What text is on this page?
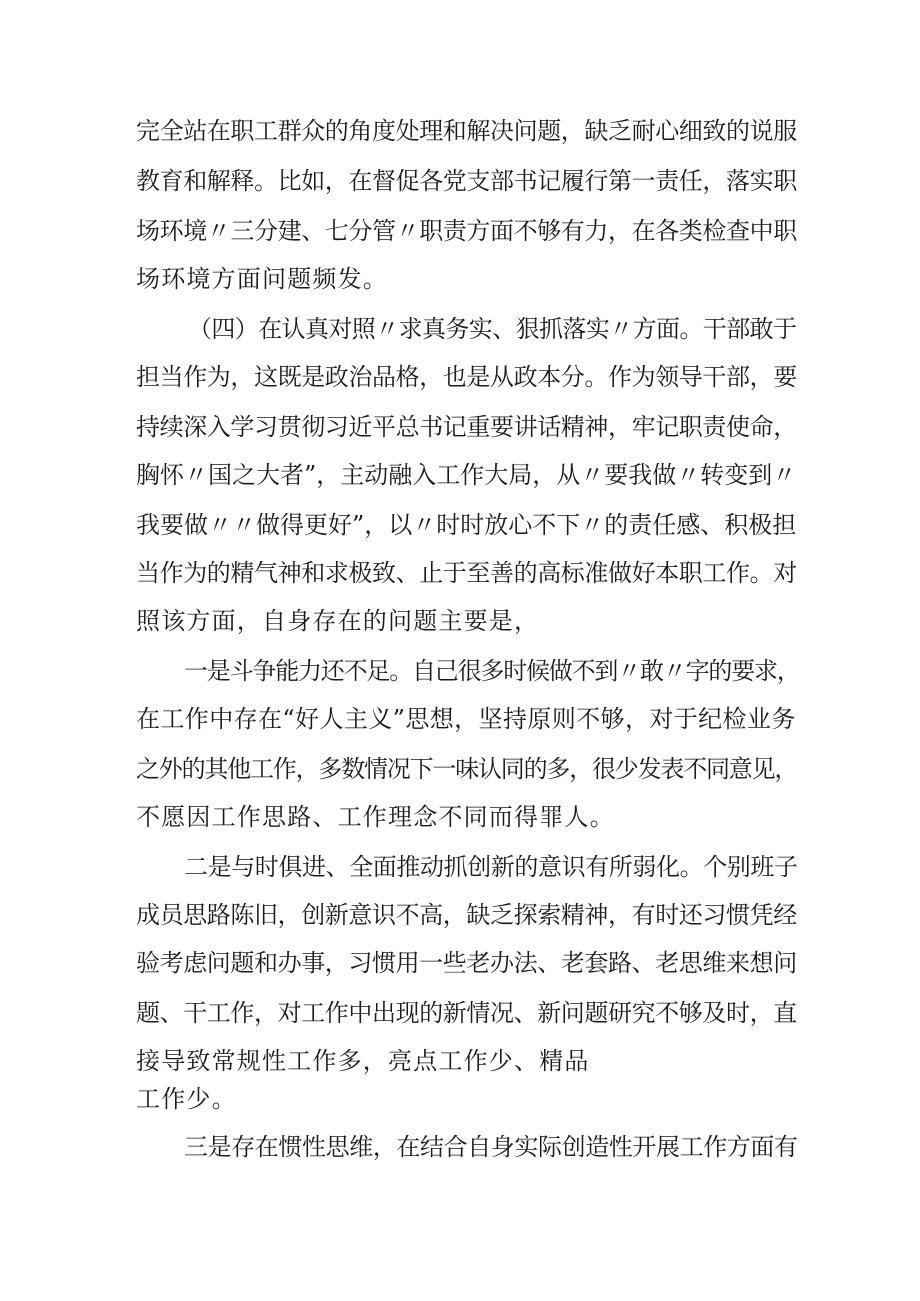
完全站在职工群众的角度处理和解决问题，缺乏耐心细致的说服
教育和解释。比如，在督促各党支部书记履行第一责任，落实职
场环境〃三分建、七分管〃职责方面不够有力，在各类检查中职
场环境方面问题频发。
（四）在认真对照〃求真务实、狠抓落实〃方面。干部敢于
担当作为，这既是政治品格，也是从政本分。作为领导干部，要
持续深入学习贯彻习近平总书记重要讲话精神，牢记职责使命，
胸怀〃国之大者”，主动融入工作大局，从〃要我做〃转变到〃
我要做〃〃做得更好”，以〃时时放心不下〃的责任感、积极担
当作为的精气神和求极致、止于至善的高标准做好本职工作。对
照该方面，自身存在的问题主要是，
一是斗争能力还不足。自己很多时候做不到〃敢〃字的要求，
在工作中存在“好人主义”思想，坚持原则不够，对于纪检业务
之外的其他工作，多数情况下一味认同的多，很少发表不同意见，
不愿因工作思路、工作理念不同而得罪人。
二是与时俱进、全面推动抓创新的意识有所弱化。个别班子
成员思路陈旧，创新意识不高，缺乏探索精神，有时还习惯凭经
验考虑问题和办事，习惯用一些老办法、老套路、老思维来想问
题、干工作，对工作中出现的新情况、新问题研究不够及时，直
接导致常规性工作多，亮点工作少、精品
工作少。
三是存在惯性思维，在结合自身实际创造性开展工作方面有
